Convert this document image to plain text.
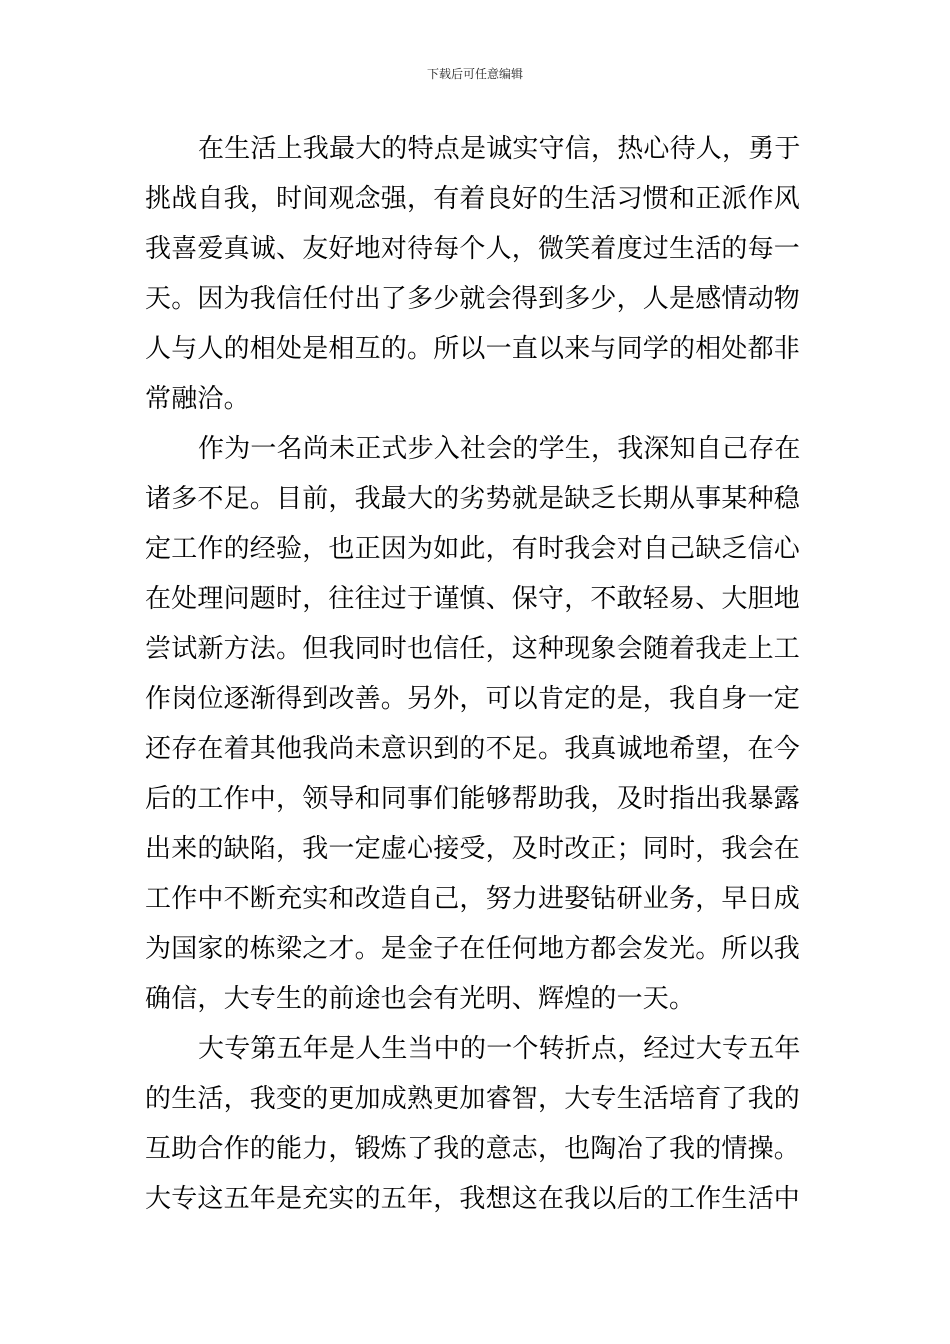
下载后可任意编辑
在生活上我最大的特点是诚实守信，热心待人，勇于
挑战自我，时间观念强，有着良好的生活习惯和正派作风
我喜爱真诚、友好地对待每个人，微笑着度过生活的每一
天。因为我信任付出了多少就会得到多少，人是感情动物
人与人的相处是相互的。所以一直以来与同学的相处都非
常融洽。
作为一名尚未正式步入社会的学生，我深知自己存在
诸多不足。目前，我最大的劣势就是缺乏长期从事某种稳
定工作的经验，也正因为如此，有时我会对自己缺乏信心
在处理问题时，往往过于谨慎、保守，不敢轻易、大胆地
尝试新方法。但我同时也信任，这种现象会随着我走上工
作岗位逐渐得到改善。另外，可以肯定的是，我自身一定
还存在着其他我尚未意识到的不足。我真诚地希望，在今
后的工作中，领导和同事们能够帮助我，及时指出我暴露
出来的缺陷，我一定虚心接受，及时改正；同时，我会在
工作中不断充实和改造自己，努力进娶钻研业务，早日成
为国家的栋梁之才。是金子在任何地方都会发光。所以我
确信，大专生的前途也会有光明、辉煌的一天。
大专第五年是人生当中的一个转折点，经过大专五年
的生活，我变的更加成熟更加睿智，大专生活培育了我的
互助合作的能力，锻炼了我的意志，也陶冶了我的情操。
大专这五年是充实的五年，我想这在我以后的工作生活中
